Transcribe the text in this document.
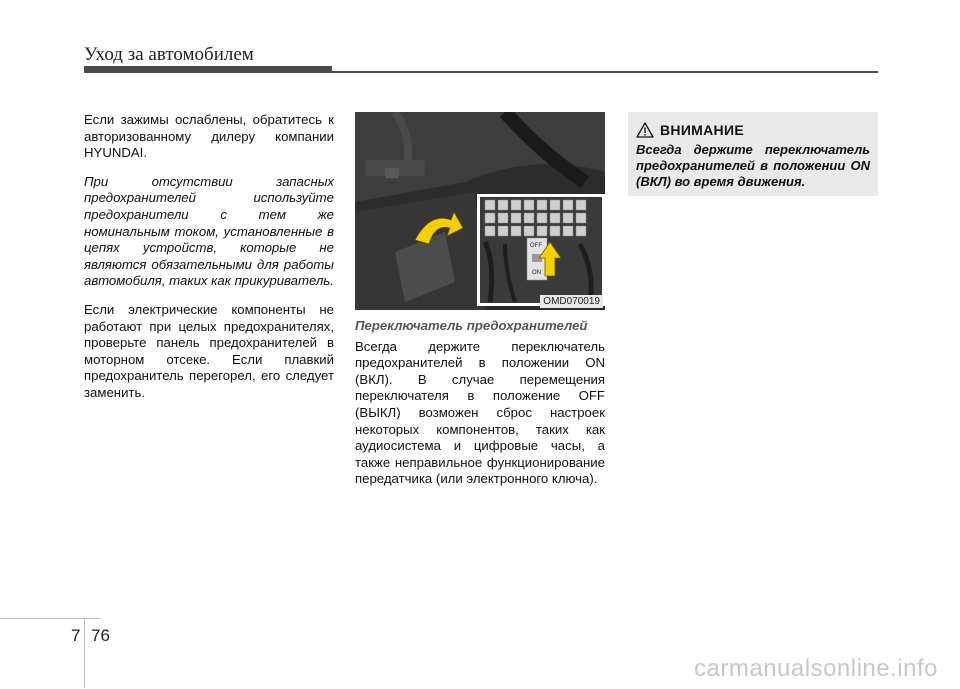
Уход за автомобилем

Если зажимы ослаблены, обратитесь к авторизованному дилеру компании HYUNDAI.

При отсутствии запасных предохранителей используйте предохранители с тем же номинальным током, установленные в цепях устройств, которые не являются обязательными для работы автомобиля, таких как прикуриватель.

Если электрические компоненты не работают при целых предохранителях, проверьте панель предохранителей в моторном отсеке. Если плавкий предохранитель перегорел, его следует заменить.

OFF
ON
OMD070019

Переключатель предохранителей

Всегда держите переключатель предохранителей в положении ON (ВКЛ). В случае перемещения переключателя в положение OFF (ВЫКЛ) возможен сброс настроек некоторых компонентов, таких как аудиосистема и цифровые часы, а также неправильное функционирование передатчика (или электронного ключа).

ВНИМАНИЕ
Всегда держите переключатель предохранителей в положении ON (ВКЛ) во время движения.
7 76
carmanualsonline.info
